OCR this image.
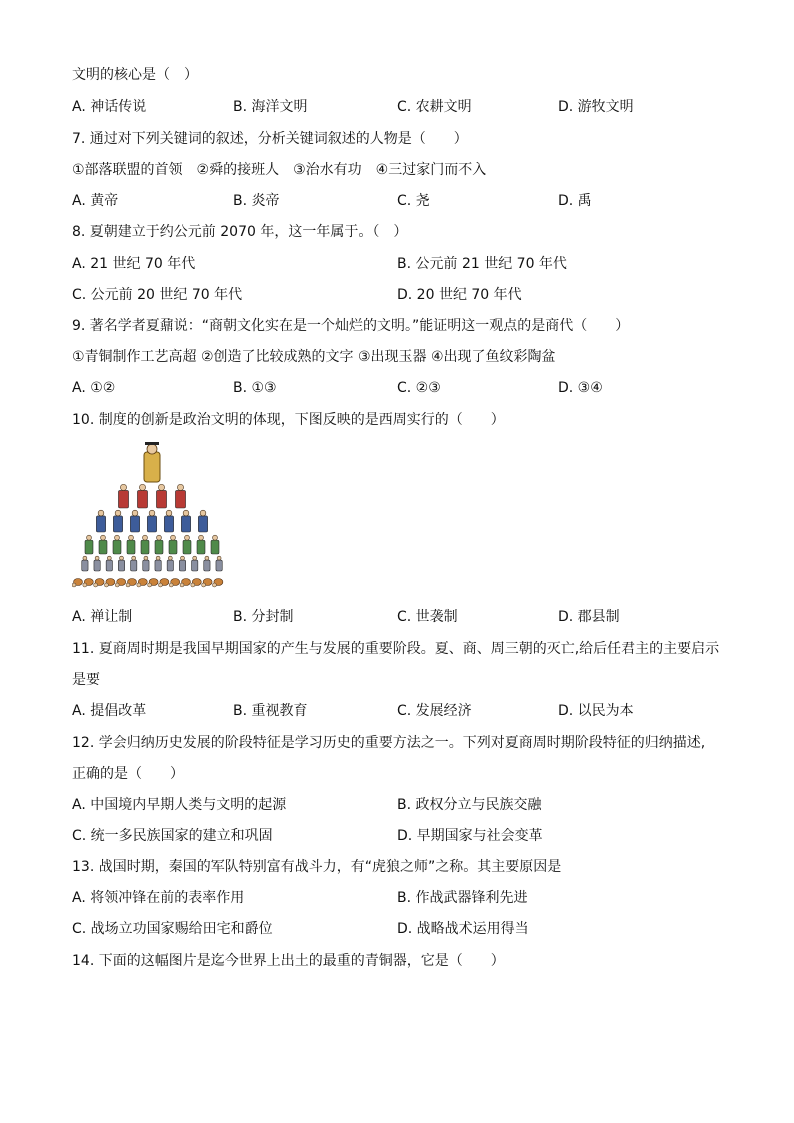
文明的核心是（　）
A. 神话传说	B. 海洋文明	C. 农耕文明	D. 游牧文明
7. 通过对下列关键词的叙述，分析关键词叙述的人物是（　　）
①部落联盟的首领　②舜的接班人　③治水有功　④三过家门而不入
A. 黄帝	B. 炎帝	C. 尧	D. 禹
8. 夏朝建立于约公元前 2070 年，这一年属于。（　）
A. 21 世纪 70 年代	B. 公元前 21 世纪 70 年代
C. 公元前 20 世纪 70 年代	D. 20 世纪 70 年代
9. 著名学者夏鼐说：“商朝文化实在是一个灿烂的文明。”能证明这一观点的是商代（　　）
①青铜制作工艺高超 ②创造了比较成熟的文字 ③出现玉器 ④出现了鱼纹彩陶盆
A. ①②	B. ①③	C. ②③	D. ③④
10. 制度的创新是政治文明的体现，下图反映的是西周实行的（　　）
A. 禅让制	B. 分封制	C. 世袭制	D. 郡县制
11. 夏商周时期是我国早期国家的产生与发展的重要阶段。夏、商、周三朝的灭亡,给后任君主的主要启示
是要
A. 提倡改革	B. 重视教育	C. 发展经济	D. 以民为本
12. 学会归纳历史发展的阶段特征是学习历史的重要方法之一。下列对夏商周时期阶段特征的归纳描述,
正确的是（　　）
A. 中国境内早期人类与文明的起源	B. 政权分立与民族交融
C. 统一多民族国家的建立和巩固	D. 早期国家与社会变革
13. 战国时期，秦国的军队特别富有战斗力，有“虎狼之师”之称。其主要原因是
A. 将领冲锋在前的表率作用	B. 作战武器锋利先进
C. 战场立功国家赐给田宅和爵位	D. 战略战术运用得当
14. 下面的这幅图片是迄今世界上出土的最重的青铜器，它是（　　）
